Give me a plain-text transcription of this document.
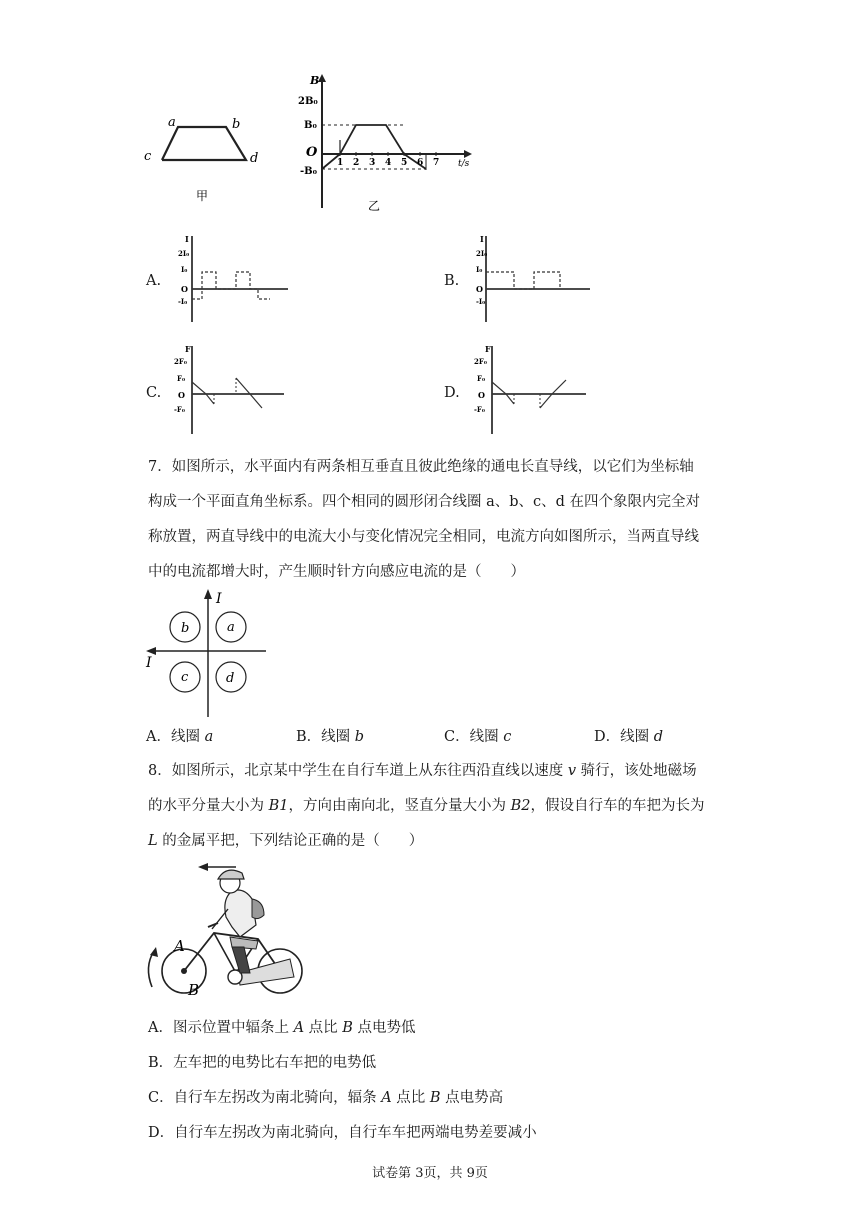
a	b
c	d
甲
B
2B₀
B₀
O
-B₀
t/s
1 2 3 4 5 6 7
乙
A.
I
2I₀
I₀
O
-I₀
B.
I
2I₀
I₀
O
-I₀
C.
F
2F₀
F₀
O
-F₀
D.
F
2F₀
F₀
O
-F₀
7．如图所示，水平面内有两条相互垂直且彼此绝缘的通电长直导线，以它们为坐标轴
构成一个平面直角坐标系。四个相同的圆形闭合线圈 a、b、c、d 在四个象限内完全对
称放置，两直导线中的电流大小与变化情况完全相同，电流方向如图所示，当两直导线
中的电流都增大时，产生顺时针方向感应电流的是（　　）
I
I
b	a
c	d
A．线圈 a	B．线圈 b	C．线圈 c	D．线圈 d
8．如图所示，北京某中学生在自行车道上从东往西沿直线以速度 v 骑行，该处地磁场
的水平分量大小为 B1，方向由南向北，竖直分量大小为 B2，假设自行车的车把为长为
L 的金属平把，下列结论正确的是（　　）
A
B
A．图示位置中辐条上 A 点比 B 点电势低
B．左车把的电势比右车把的电势低
C．自行车左拐改为南北骑向，辐条 A 点比 B 点电势高
D．自行车左拐改为南北骑向，自行车车把两端电势差要减小
试卷第 3页，共 9页
